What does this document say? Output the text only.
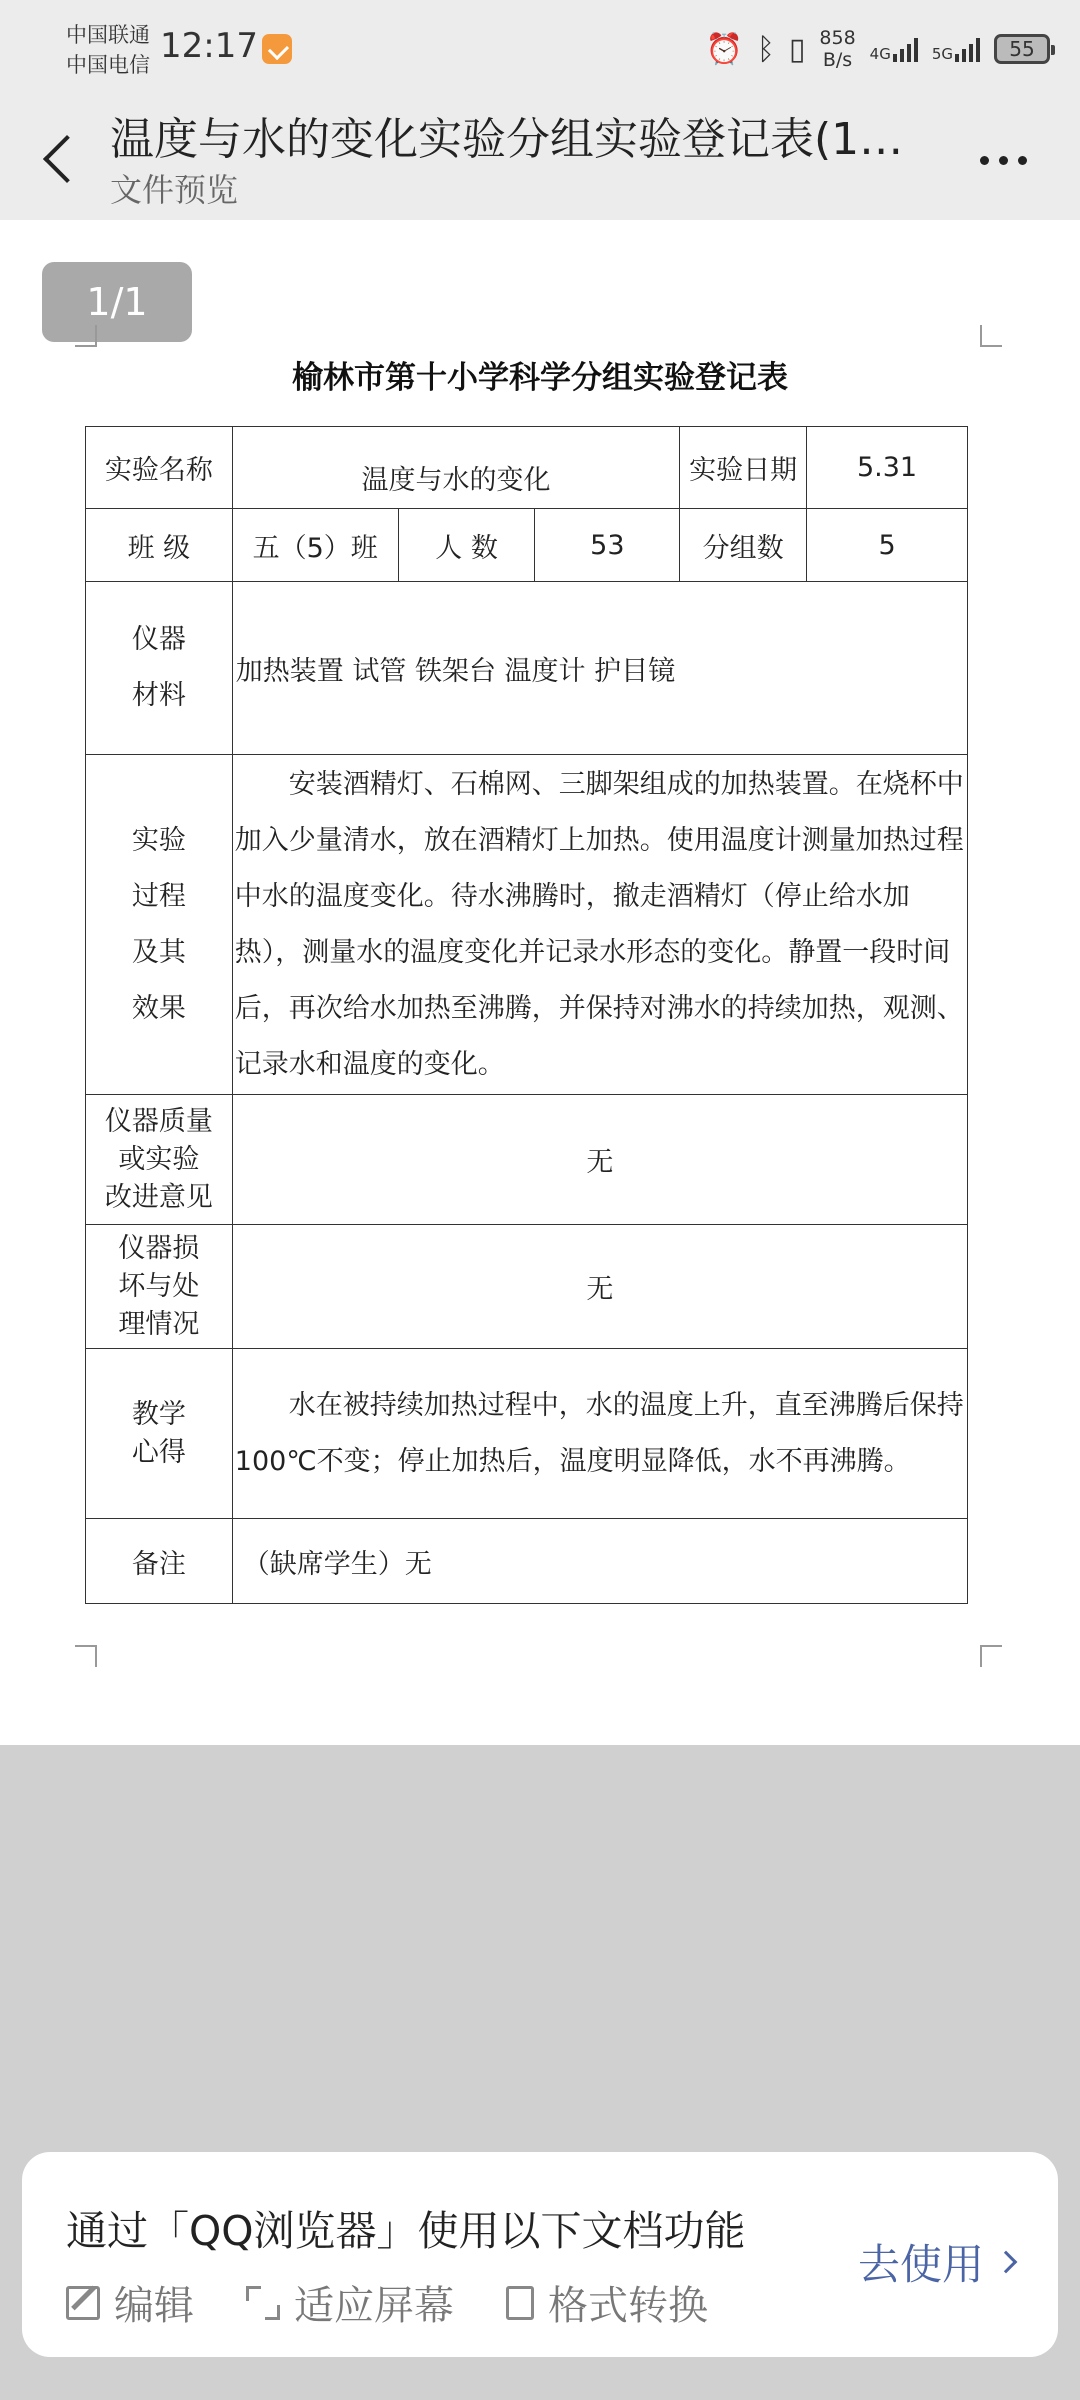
中国联通
中国电信 12:17	⏰ ᛒ ▯ 858
B/s 4G	5G	55
温度与水的变化实验分组实验登记表(1…
文件预览
1/1
榆林市第十小学科学分组实验登记表
实验名称	温度与水的变化			实验日期	5.31
班 级	五（5）班	人 数	53	分组数	5

仪器
材料	加热装置 试管 铁架台 温度计 护目镜				

实验
过程
及其
效果	安装酒精灯、石棉网、三脚架组成的加热装置。在烧杯中加入少量清水，放在酒精灯上加热。使用温度计测量加热过程中水的温度变化。待水沸腾时，撤走酒精灯（停止给水加热），测量水的温度变化并记录水形态的变化。静置一段时间后，再次给水加热至沸腾，并保持对沸水的持续加热，观测、记录水和温度的变化。				

仪器质量
或实验
改进意见	无				

仪器损
坏与处
理情况	无				

教学
心得	水在被持续加热过程中，水的温度上升，直至沸腾后保持100℃不变；停止加热后，温度明显降低，水不再沸腾。				
备注	（缺席学生）无				
通过「QQ浏览器」使用以下文档功能
编辑	适应屏幕 格式转换
去使用
